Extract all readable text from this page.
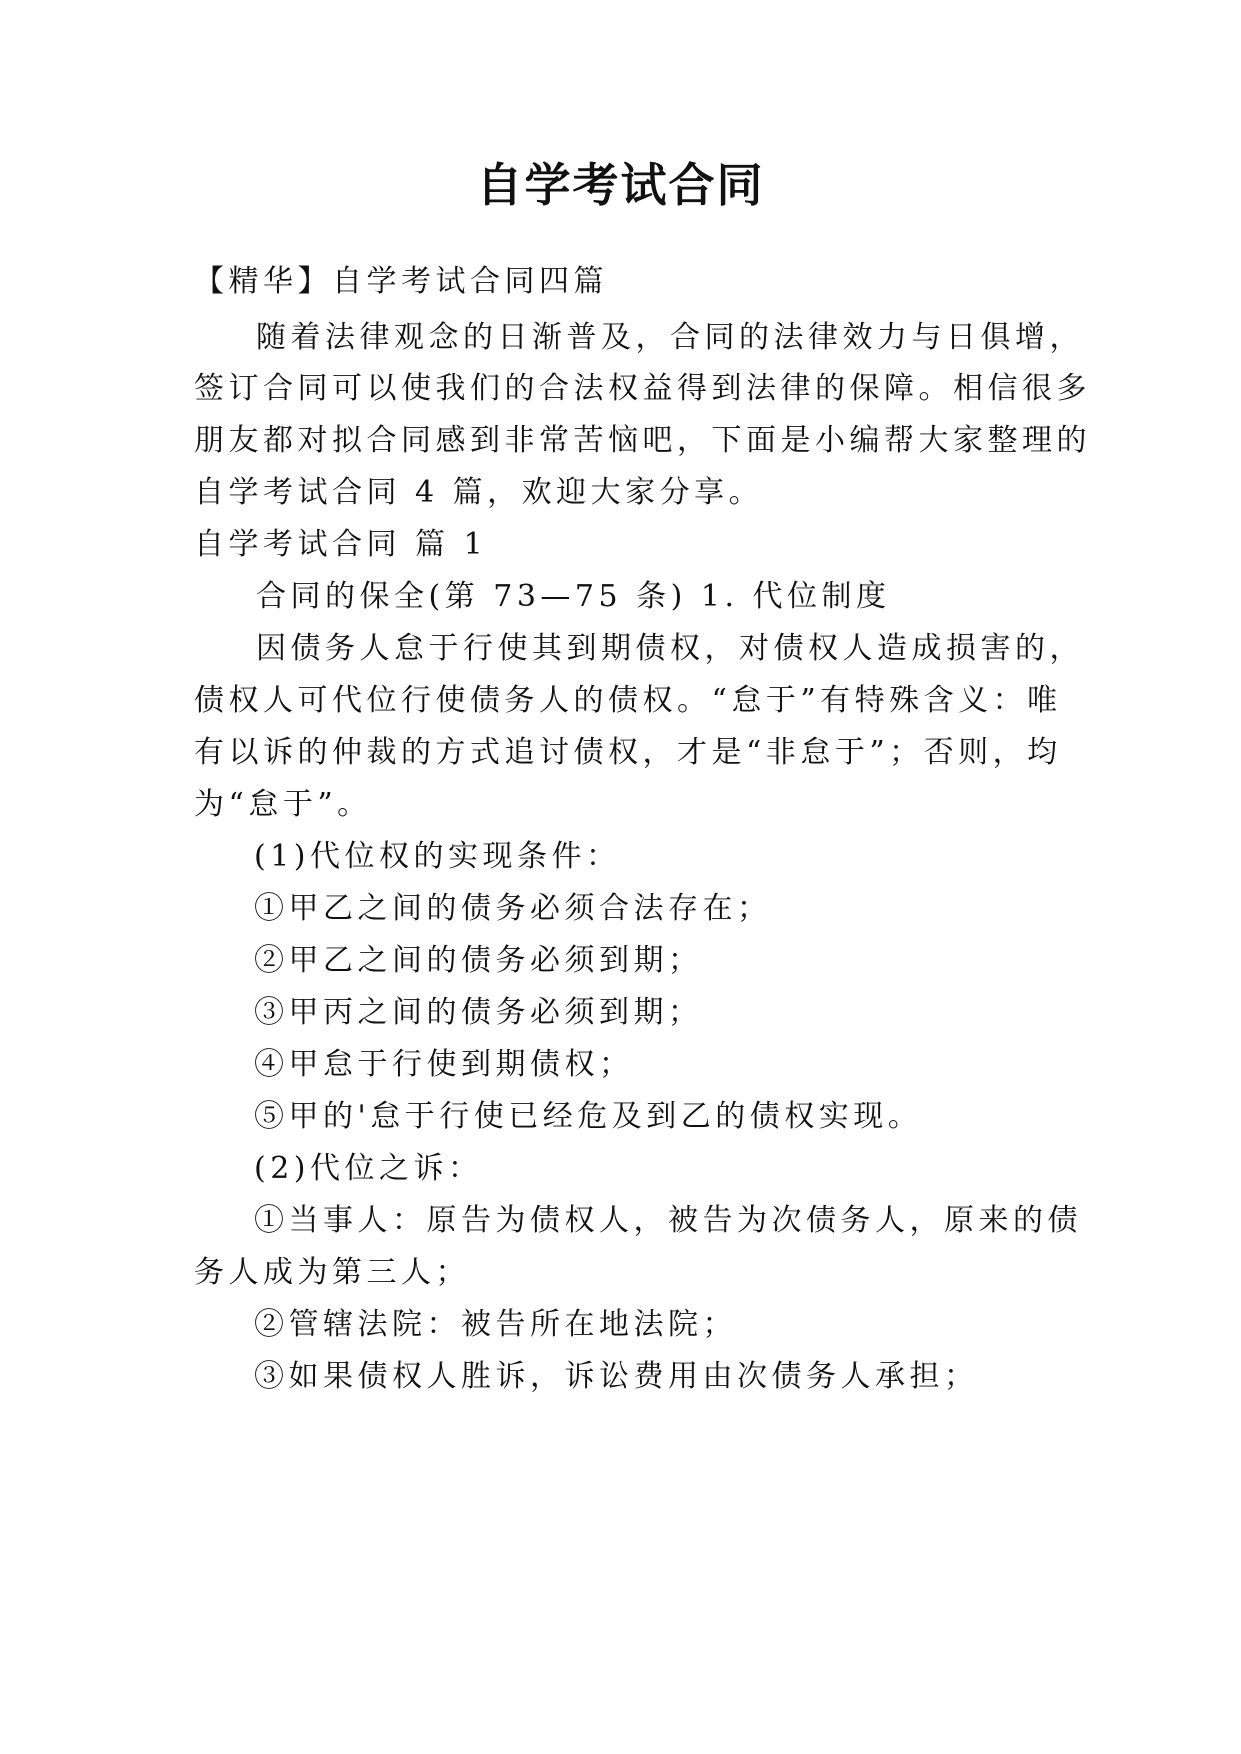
自学考试合同

【精华】自学考试合同四篇

随着法律观念的日渐普及，合同的法律效力与日俱增，

签订合同可以使我们的合法权益得到法律的保障。相信很多

朋友都对拟合同感到非常苦恼吧，下面是小编帮大家整理的

自学考试合同 4 篇，欢迎大家分享。

自学考试合同 篇 1

合同的保全(第 73—75 条) 1. 代位制度

因债务人怠于行使其到期债权，对债权人造成损害的，

债权人可代位行使债务人的债权。“怠于”有特殊含义：唯

有以诉的仲裁的方式追讨债权，才是“非怠于”；否则，均

为“怠于”。

(1)代位权的实现条件：

①甲乙之间的债务必须合法存在；

②甲乙之间的债务必须到期；

③甲丙之间的债务必须到期；

④甲怠于行使到期债权；

⑤甲的'怠于行使已经危及到乙的债权实现。

(2)代位之诉：

①当事人：原告为债权人，被告为次债务人，原来的债

务人成为第三人；

②管辖法院：被告所在地法院；

③如果债权人胜诉，诉讼费用由次债务人承担；
